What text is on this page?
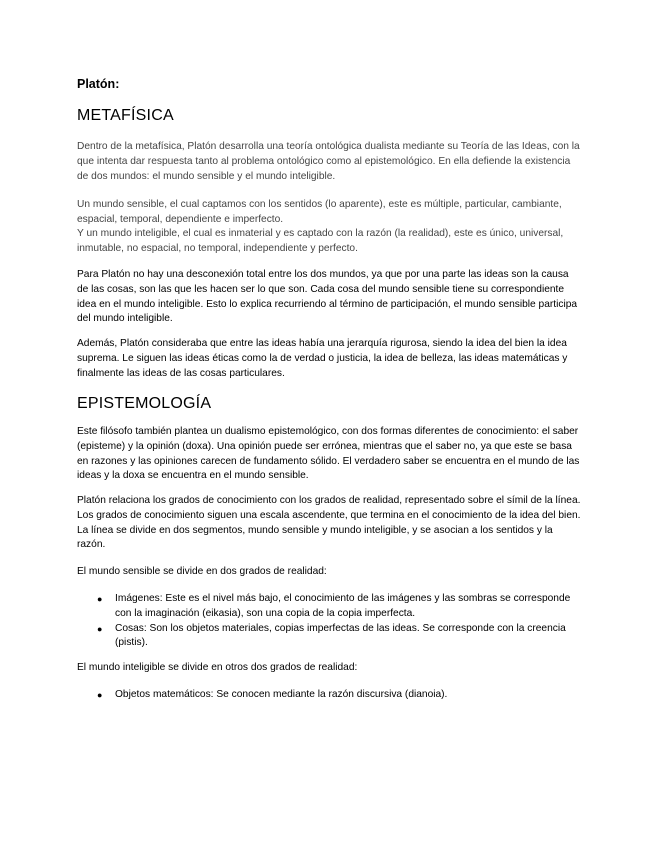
Platón:
METAFÍSICA

Dentro de la metafísica, Platón desarrolla una teoría ontológica dualista mediante su Teoría de las Ideas, con la que intenta dar respuesta tanto al problema ontológico como al epistemológico. En ella defiende la existencia de dos mundos: el mundo sensible y el mundo inteligible.

Un mundo sensible, el cual captamos con los sentidos (lo aparente), este es múltiple, particular, cambiante, espacial, temporal, dependiente e imperfecto.

Y un mundo inteligible, el cual es inmaterial y es captado con la razón (la realidad), este es único, universal, inmutable, no espacial, no temporal, independiente y perfecto.

Para Platón no hay una desconexión total entre los dos mundos, ya que por una parte las ideas son la causa de las cosas, son las que les hacen ser lo que son. Cada cosa del mundo sensible tiene su correspondiente idea en el mundo inteligible. Esto lo explica recurriendo al término de participación, el mundo sensible participa del mundo inteligible.

Además, Platón consideraba que entre las ideas había una jerarquía rigurosa, siendo la idea del bien la idea suprema. Le siguen las ideas éticas como la de verdad o justicia, la idea de belleza, las ideas matemáticas y finalmente las ideas de las cosas particulares.

EPISTEMOLOGÍA

Este filósofo también plantea un dualismo epistemológico, con dos formas diferentes de conocimiento: el saber (episteme) y la opinión (doxa). Una opinión puede ser errónea, mientras que el saber no, ya que este se basa en razones y las opiniones carecen de fundamento sólido. El verdadero saber se encuentra en el mundo de las ideas y la doxa se encuentra en el mundo sensible.

Platón relaciona los grados de conocimiento con los grados de realidad, representado sobre el símil de la línea. Los grados de conocimiento siguen una escala ascendente, que termina en el conocimiento de la idea del bien. La línea se divide en dos segmentos, mundo sensible y mundo inteligible, y se asocian a los sentidos y la razón.

El mundo sensible se divide en dos grados de realidad:

● Imágenes: Este es el nivel más bajo, el conocimiento de las imágenes y las sombras se corresponde con la imaginación (eikasia), son una copia de la copia imperfecta.
● Cosas: Son los objetos materiales, copias imperfectas de las ideas. Se corresponde con la creencia (pistis).

El mundo inteligible se divide en otros dos grados de realidad:

● Objetos matemáticos: Se conocen mediante la razón discursiva (dianoia).
